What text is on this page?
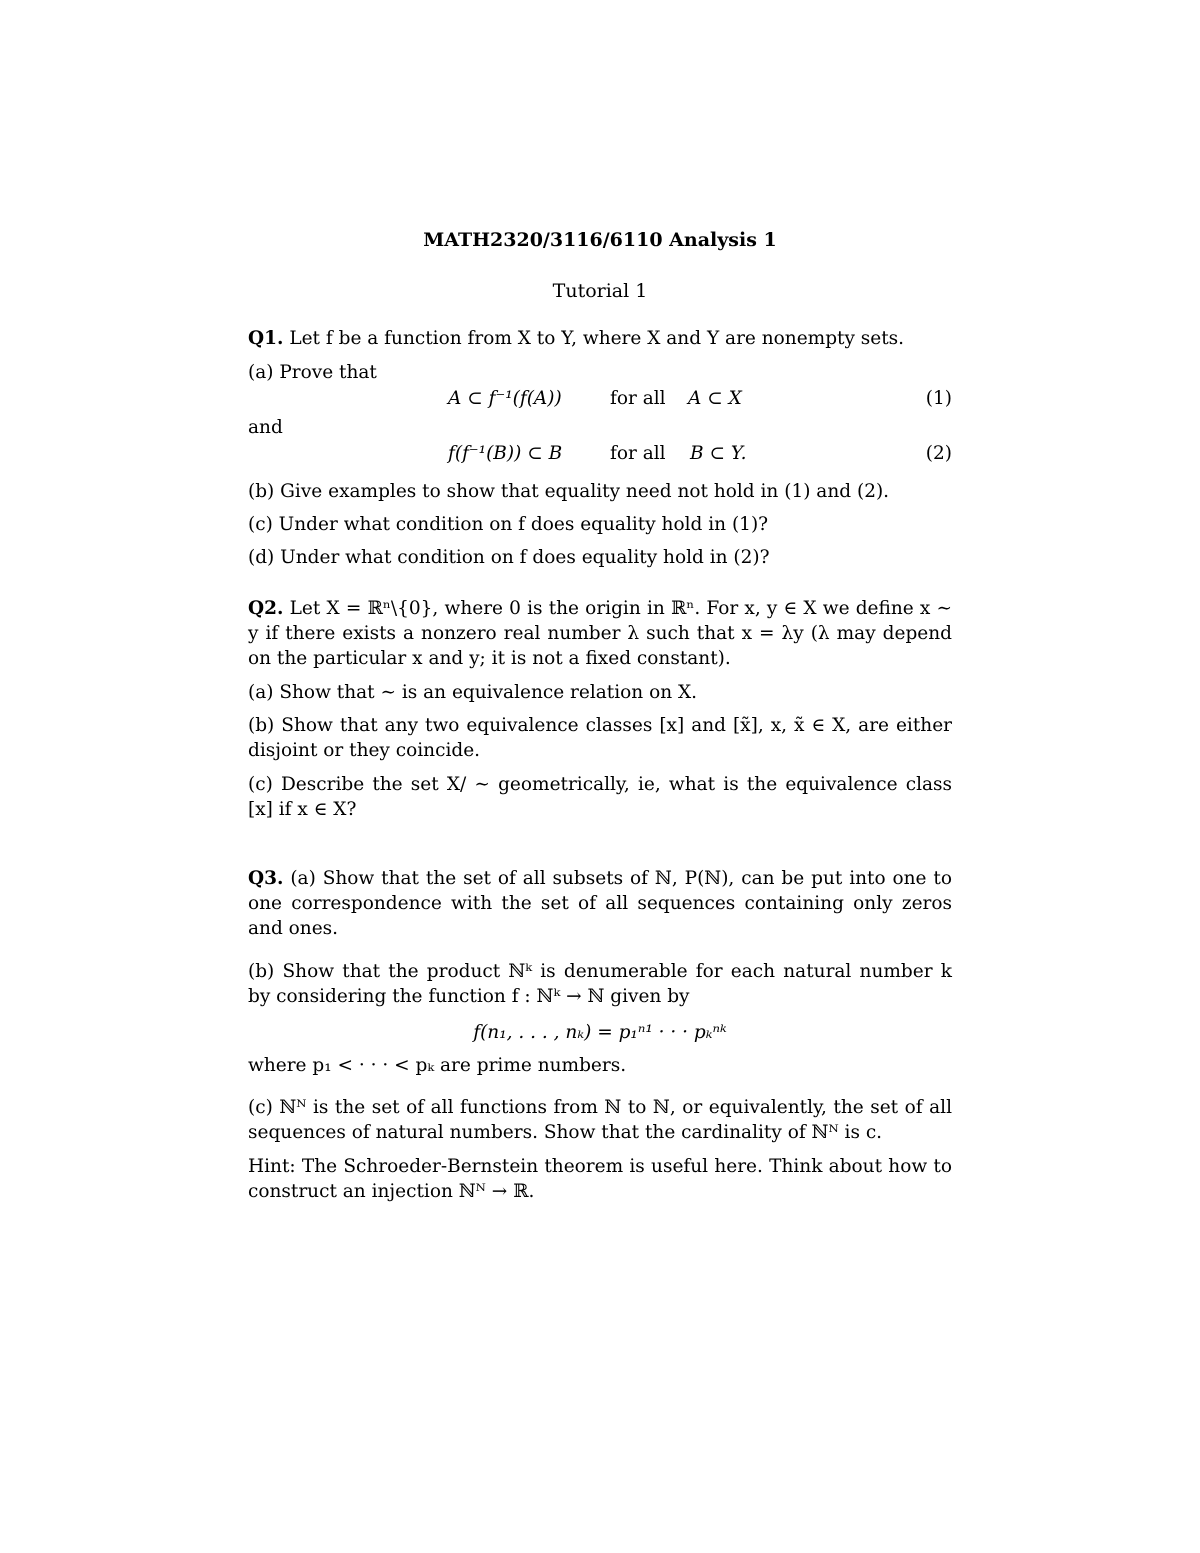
MATH2320/3116/6110 Analysis 1
Tutorial 1
Q1. Let f be a function from X to Y, where X and Y are nonempty sets.
(a) Prove that
A ⊂ f⁻¹(f(A))	for all A ⊂ X	(1)
and
f(f⁻¹(B)) ⊂ B	for all B ⊂ Y.	(2)
(b) Give examples to show that equality need not hold in (1) and (2).
(c) Under what condition on f does equality hold in (1)?
(d) Under what condition on f does equality hold in (2)?
Q2. Let X = ℝⁿ\{0}, where 0 is the origin in ℝⁿ. For x, y ∈ X we define x ∼ y if there exists a nonzero real number λ such that x = λy (λ may depend on the particular x and y; it is not a fixed constant).
(a) Show that ∼ is an equivalence relation on X.
(b) Show that any two equivalence classes [x] and [x̃], x, x̃ ∈ X, are either disjoint or they coincide.
(c) Describe the set X/ ∼ geometrically, ie, what is the equivalence class [x] if x ∈ X?
Q3. (a) Show that the set of all subsets of ℕ, P(ℕ), can be put into one to one correspondence with the set of all sequences containing only zeros and ones.
(b) Show that the product ℕᵏ is denumerable for each natural number k by considering the function f : ℕᵏ → ℕ given by
f(n₁, . . . , nₖ) = p₁ⁿ¹ · · · pₖⁿᵏ
where p₁ < · · · < pₖ are prime numbers.
(c) ℕᴺ is the set of all functions from ℕ to ℕ, or equivalently, the set of all sequences of natural numbers. Show that the cardinality of ℕᴺ is c.
Hint: The Schroeder-Bernstein theorem is useful here. Think about how to construct an injection ℕᴺ → ℝ.
